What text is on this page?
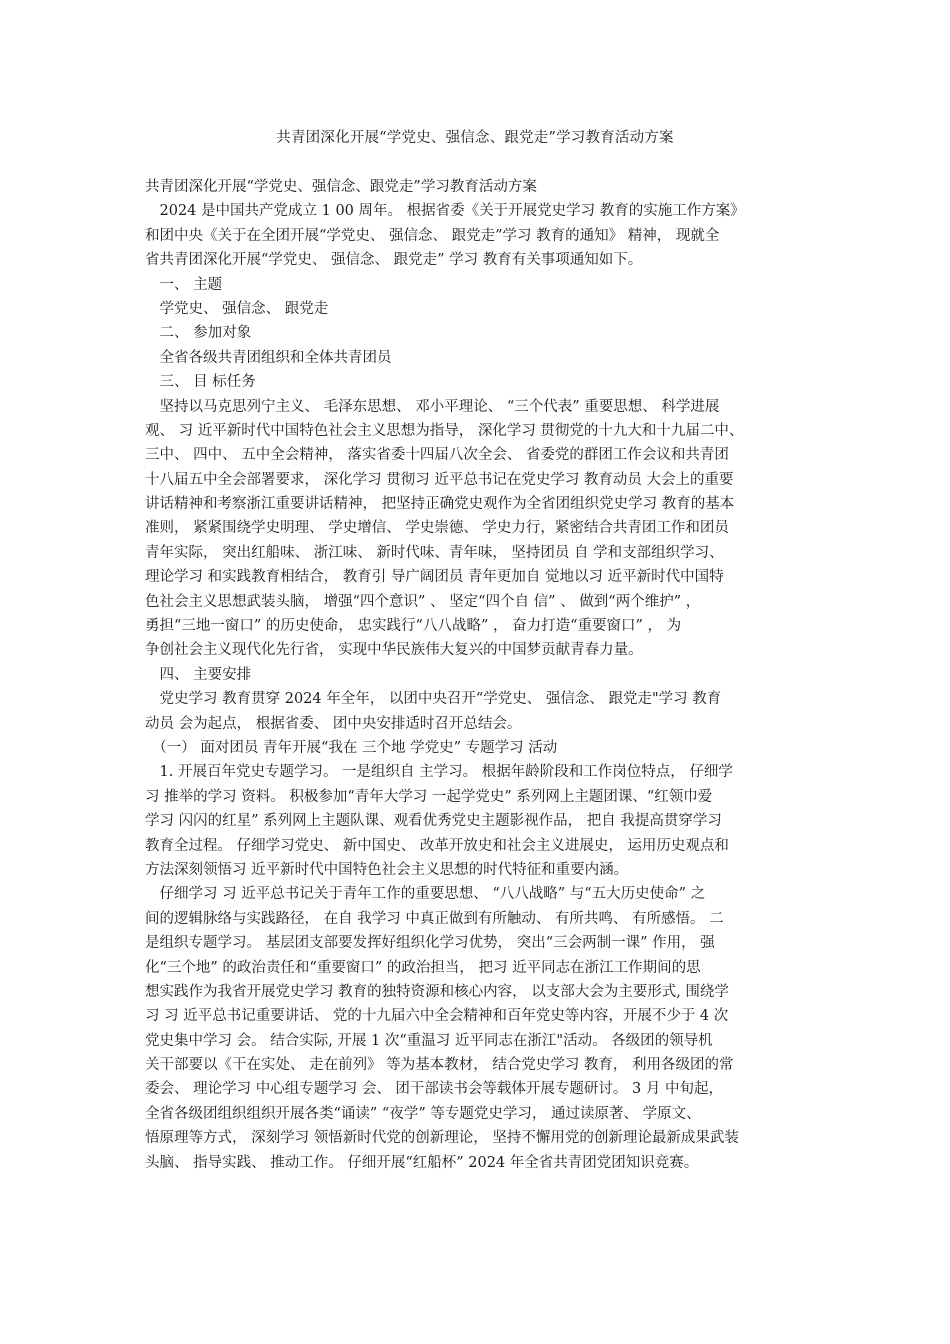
共青团深化开展“学党史、强信念、跟党走”学习教育活动方案
共青团深化开展“学党史、强信念、跟党走”学习教育活动方案
　2024 是中国共产党成立 1 00 周年。 根据省委《关于开展党史学习 教育的实施工作方案》
和团中央《关于在全团开展“学党史、 强信念、 跟党走”学习 教育的通知》 精神， 现就全
省共青团深化开展“学党史、 强信念、 跟党走” 学习 教育有关事项通知如下。
　一、 主题
　学党史、 强信念、 跟党走
　二、 参加对象
　全省各级共青团组织和全体共青团员
　三、 目 标任务
　坚持以马克思列宁主义、 毛泽东思想、 邓小平理论、 “三个代表” 重要思想、 科学进展
观、 习 近平新时代中国特色社会主义思想为指导， 深化学习 贯彻党的十九大和十九届二中、
三中、 四中、 五中全会精神， 落实省委十四届八次全会、 省委党的群团工作会议和共青团
十八届五中全会部署要求， 深化学习 贯彻习 近平总书记在党史学习 教育动员 大会上的重要
讲话精神和考察浙江重要讲话精神， 把坚持正确党史观作为全省团组织党史学习 教育的基本
准则， 紧紧围绕学史明理、 学史增信、 学史崇德、 学史力行，紧密结合共青团工作和团员
青年实际， 突出红船味、 浙江味、 新时代味、青年味， 坚持团员 自 学和支部组织学习、
理论学习 和实践教育相结合， 教育引 导广阔团员 青年更加自 觉地以习 近平新时代中国特
色社会主义思想武装头脑， 增强“四个意识” 、 坚定“四个自 信” 、 做到“两个维护” ，
勇担“三地一窗口” 的历史使命， 忠实践行“八八战略” ， 奋力打造“重要窗口” ， 为
争创社会主义现代化先行省， 实现中华民族伟大复兴的中国梦贡献青春力量。
　四、 主要安排
　党史学习 教育贯穿 2024 年全年， 以团中央召开“学党史、 强信念、 跟党走"学习 教育
动员 会为起点， 根据省委、 团中央安排适时召开总结会。
　（一） 面对团员 青年开展“我在 三个地 学党史” 专题学习 活动
　1. 开展百年党史专题学习。 一是组织自 主学习。 根据年龄阶段和工作岗位特点， 仔细学
习 推举的学习 资料。 积极参加“青年大学习 一起学党史” 系列网上主题团课、“红领巾爱
学习 闪闪的红星” 系列网上主题队课、观看优秀党史主题影视作品， 把自 我提高贯穿学习
教育全过程。 仔细学习党史、 新中国史、 改革开放史和社会主义进展史， 运用历史观点和
方法深刻领悟习 近平新时代中国特色社会主义思想的时代特征和重要内涵。
　仔细学习 习 近平总书记关于青年工作的重要思想、 “八八战略” 与“五大历史使命” 之
间的逻辑脉络与实践路径， 在自 我学习 中真正做到有所触动、 有所共鸣、 有所感悟。 二
是组织专题学习。 基层团支部要发挥好组织化学习优势， 突出“三会两制一课” 作用， 强
化“三个地” 的政治责任和“重要窗口” 的政治担当， 把习 近平同志在浙江工作期间的思
想实践作为我省开展党史学习 教育的独特资源和核心内容， 以支部大会为主要形式, 围绕学
习 习 近平总书记重要讲话、 党的十九届六中全会精神和百年党史等内容，开展不少于 4 次
党史集中学习 会。 结合实际, 开展 1 次“重温习 近平同志在浙江"活动。 各级团的领导机
关干部要以《干在实处、 走在前列》 等为基本教材， 结合党史学习 教育， 利用各级团的常
委会、 理论学习 中心组专题学习 会、 团干部读书会等载体开展专题研讨。 3 月 中旬起，
全省各级团组织组织开展各类“诵读” “夜学” 等专题党史学习， 通过读原著、 学原文、
悟原理等方式， 深刻学习 领悟新时代党的创新理论， 坚持不懈用党的创新理论最新成果武装
头脑、 指导实践、 推动工作。 仔细开展“红船杯” 2024 年全省共青团党团知识竞赛。
